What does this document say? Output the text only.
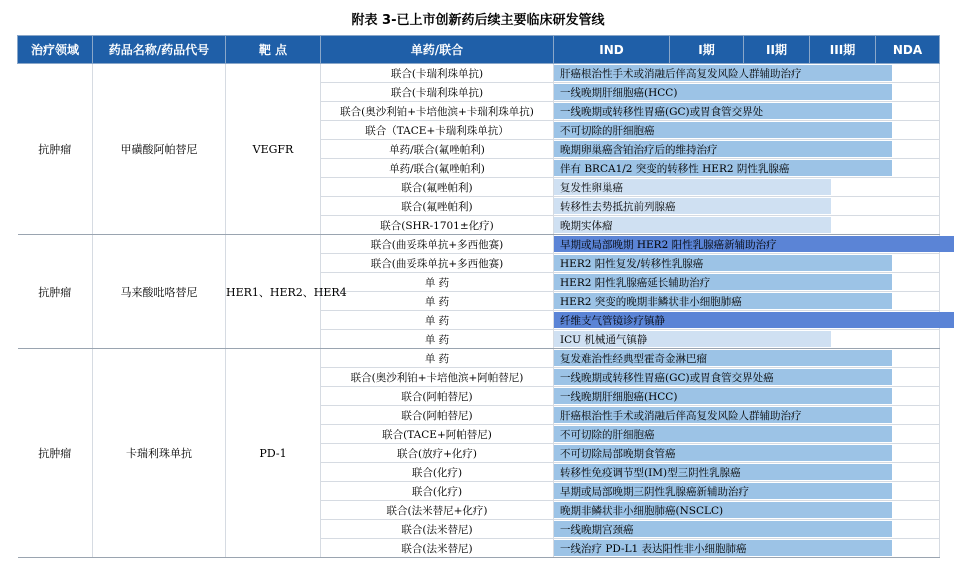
附表 3-已上市创新药后续主要临床研发管线
治疗领域	药品名称/药品代号	靶 点	单药/联合	IND	I期	II期	III期	NDA
抗肿瘤	甲磺酸阿帕替尼	VEGFR	联合(卡瑞利珠单抗)	肝癌根治性手术或消融后伴高复发风险人群辅助治疗				
			联合(卡瑞利珠单抗)	一线晚期肝细胞癌(HCC)				
			联合(奥沙利铂+卡培他滨+卡瑞利珠单抗)	一线晚期或转移性胃癌(GC)或胃食管交界处				
			联合（TACE+卡瑞利珠单抗）	不可切除的肝细胞癌				
			单药/联合(氟唑帕利)	晚期卵巢癌含铂治疗后的维持治疗				
			单药/联合(氟唑帕利)	伴有 BRCA1/2 突变的转移性 HER2 阴性乳腺癌				
			联合(氟唑帕利)	复发性卵巢癌				
			联合(氟唑帕利)	转移性去势抵抗前列腺癌				
			联合(SHR-1701±化疗)	晚期实体瘤				
抗肿瘤	马来酸吡咯替尼	HER1、HER2、HER4	联合(曲妥珠单抗+多西他赛)	早期或局部晚期 HER2 阳性乳腺癌新辅助治疗				
			联合(曲妥珠单抗+多西他赛)	HER2 阳性复发/转移性乳腺癌				
			单 药	HER2 阳性乳腺癌延长辅助治疗				
			单 药	HER2 突变的晚期非鳞状非小细胞肺癌				
			单 药	纤维支气管镜诊疗镇静				
			单 药	ICU 机械通气镇静				
抗肿瘤	卡瑞利珠单抗	PD-1	单 药	复发难治性经典型霍奇金淋巴瘤				
			联合(奥沙利铂+卡培他滨+阿帕替尼)	一线晚期或转移性胃癌(GC)或胃食管交界处癌				
			联合(阿帕替尼)	一线晚期肝细胞癌(HCC)				
			联合(阿帕替尼)	肝癌根治性手术或消融后伴高复发风险人群辅助治疗				
			联合(TACE+阿帕替尼)	不可切除的肝细胞癌				
			联合(放疗+化疗)	不可切除局部晚期食管癌				
			联合(化疗)	转移性免疫调节型(IM)型三阴性乳腺癌				
			联合(化疗)	早期或局部晚期三阴性乳腺癌新辅助治疗				
			联合(法米替尼+化疗)	晚期非鳞状非小细胞肺癌(NSCLC)				
			联合(法米替尼)	一线晚期宫颈癌				
			联合(法米替尼)	一线治疗 PD-L1 表达阳性非小细胞肺癌				
